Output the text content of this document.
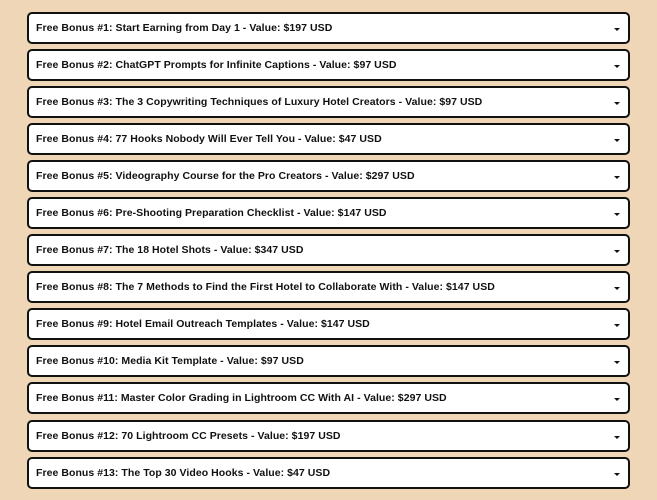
Free Bonus #1: Start Earning from Day 1 - Value: $197 USD
Free Bonus #2: ChatGPT Prompts for Infinite Captions - Value: $97 USD
Free Bonus #3: The 3 Copywriting Techniques of Luxury Hotel Creators - Value: $97 USD
Free Bonus #4: 77 Hooks Nobody Will Ever Tell You - Value: $47 USD
Free Bonus #5: Videography Course for the Pro Creators - Value: $297 USD
Free Bonus #6: Pre-Shooting Preparation Checklist - Value: $147 USD
Free Bonus #7: The 18 Hotel Shots - Value: $347 USD
Free Bonus #8: The 7 Methods to Find the First Hotel to Collaborate With - Value: $147 USD
Free Bonus #9: Hotel Email Outreach Templates - Value: $147 USD
Free Bonus #10: Media Kit Template - Value: $97 USD
Free Bonus #11: Master Color Grading in Lightroom CC With AI - Value: $297 USD
Free Bonus #12: 70 Lightroom CC Presets - Value: $197 USD
Free Bonus #13: The Top 30 Video Hooks - Value: $47 USD
